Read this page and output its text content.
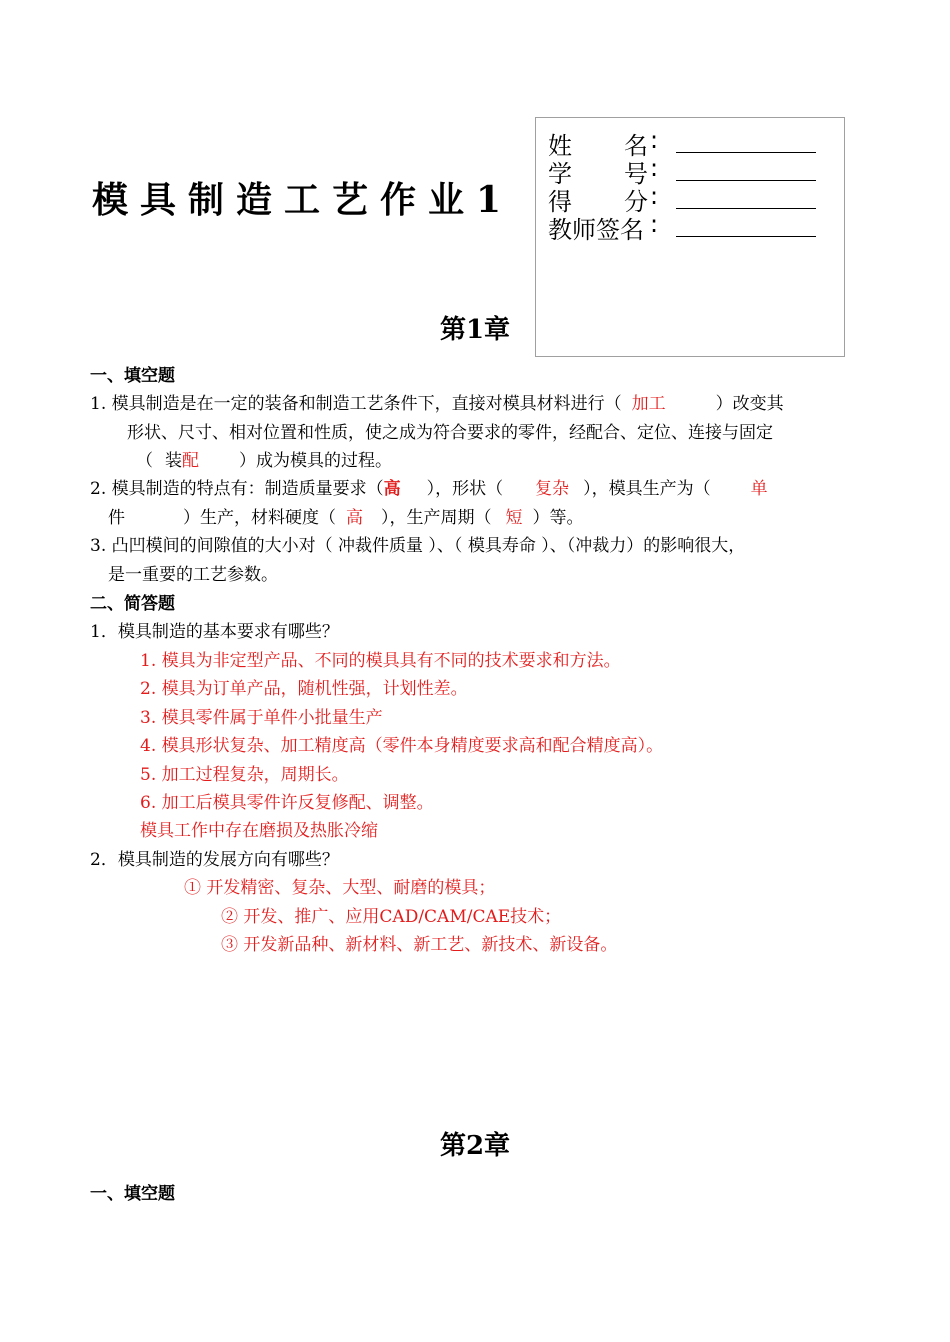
模具制造工艺作业1
姓 名 :
学 号 :
得 分 :
教师签名 :
第1章
一、填空题
1. 模具制造是在一定的装备和制造工艺条件下，直接对模具材料进行（ 加工	）改变其
形状、尺寸、相对位置和性质，使之成为符合要求的零件，经配合、定位、连接与固定
（ 装配 ）成为模具的过程。
2. 模具制造的特点有：制造质量要求（高 ），形状（ 复杂 ），模具生产为（ 单
件	）生产，材料硬度（ 高 ），生产周期（ 短 ）等。
3. 凸凹模间的间隙值的大小对（ 冲裁件质量 ）、（ 模具寿命 ）、（冲裁力）的影响很大，
是一重要的工艺参数。
二、简答题
1．模具制造的基本要求有哪些？
1. 模具为非定型产品、不同的模具具有不同的技术要求和方法。
2. 模具为订单产品，随机性强，计划性差。
3. 模具零件属于单件小批量生产
4. 模具形状复杂、加工精度高（零件本身精度要求高和配合精度高）。
5. 加工过程复杂，周期长。
6. 加工后模具零件许反复修配、调整。
模具工作中存在磨损及热胀冷缩
2．模具制造的发展方向有哪些？
① 开发精密、复杂、大型、耐磨的模具；
② 开发、推广、应用CAD/CAM/CAE技术；
③ 开发新品种、新材料、新工艺、新技术、新设备。
第2章
一、填空题
